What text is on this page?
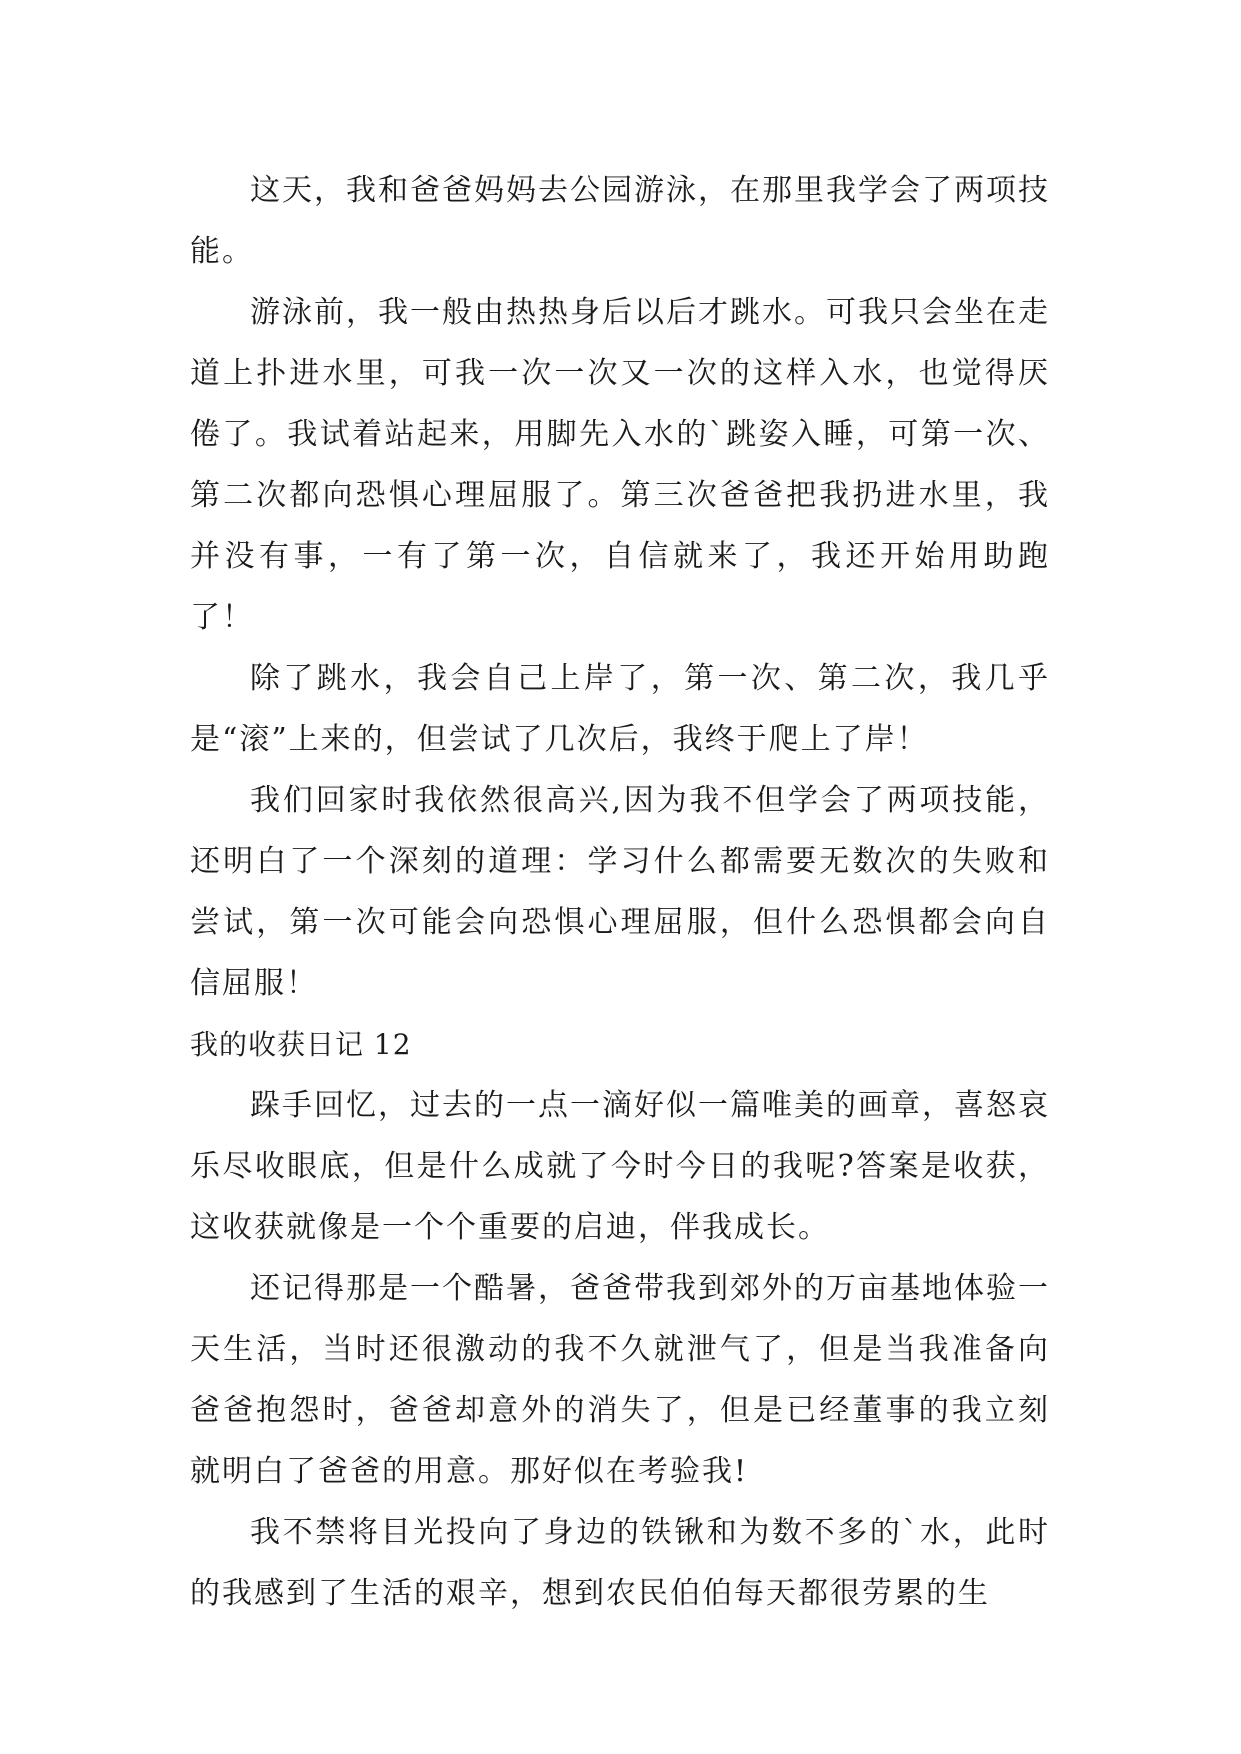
这天，我和爸爸妈妈去公园游泳，在那里我学会了两项技能。

游泳前，我一般由热热身后以后才跳水。可我只会坐在走道上扑进水里，可我一次一次又一次的这样入水，也觉得厌倦了。我试着站起来，用脚先入水的`跳姿入睡，可第一次、第二次都向恐惧心理屈服了。第三次爸爸把我扔进水里，我并没有事，一有了第一次，自信就来了，我还开始用助跑了！

除了跳水，我会自己上岸了，第一次、第二次，我几乎是“滚”上来的，但尝试了几次后，我终于爬上了岸！

我们回家时我依然很高兴,因为我不但学会了两项技能，还明白了一个深刻的道理：学习什么都需要无数次的失败和尝试，第一次可能会向恐惧心理屈服，但什么恐惧都会向自信屈服！

我的收获日记 12

跺手回忆，过去的一点一滴好似一篇唯美的画章，喜怒哀乐尽收眼底，但是什么成就了今时今日的我呢?答案是收获，这收获就像是一个个重要的启迪，伴我成长。

还记得那是一个酷暑，爸爸带我到郊外的万亩基地体验一天生活，当时还很激动的我不久就泄气了，但是当我准备向爸爸抱怨时，爸爸却意外的消失了，但是已经董事的我立刻就明白了爸爸的用意。那好似在考验我!

我不禁将目光投向了身边的铁锹和为数不多的`水，此时的我感到了生活的艰辛，想到农民伯伯每天都很劳累的生
